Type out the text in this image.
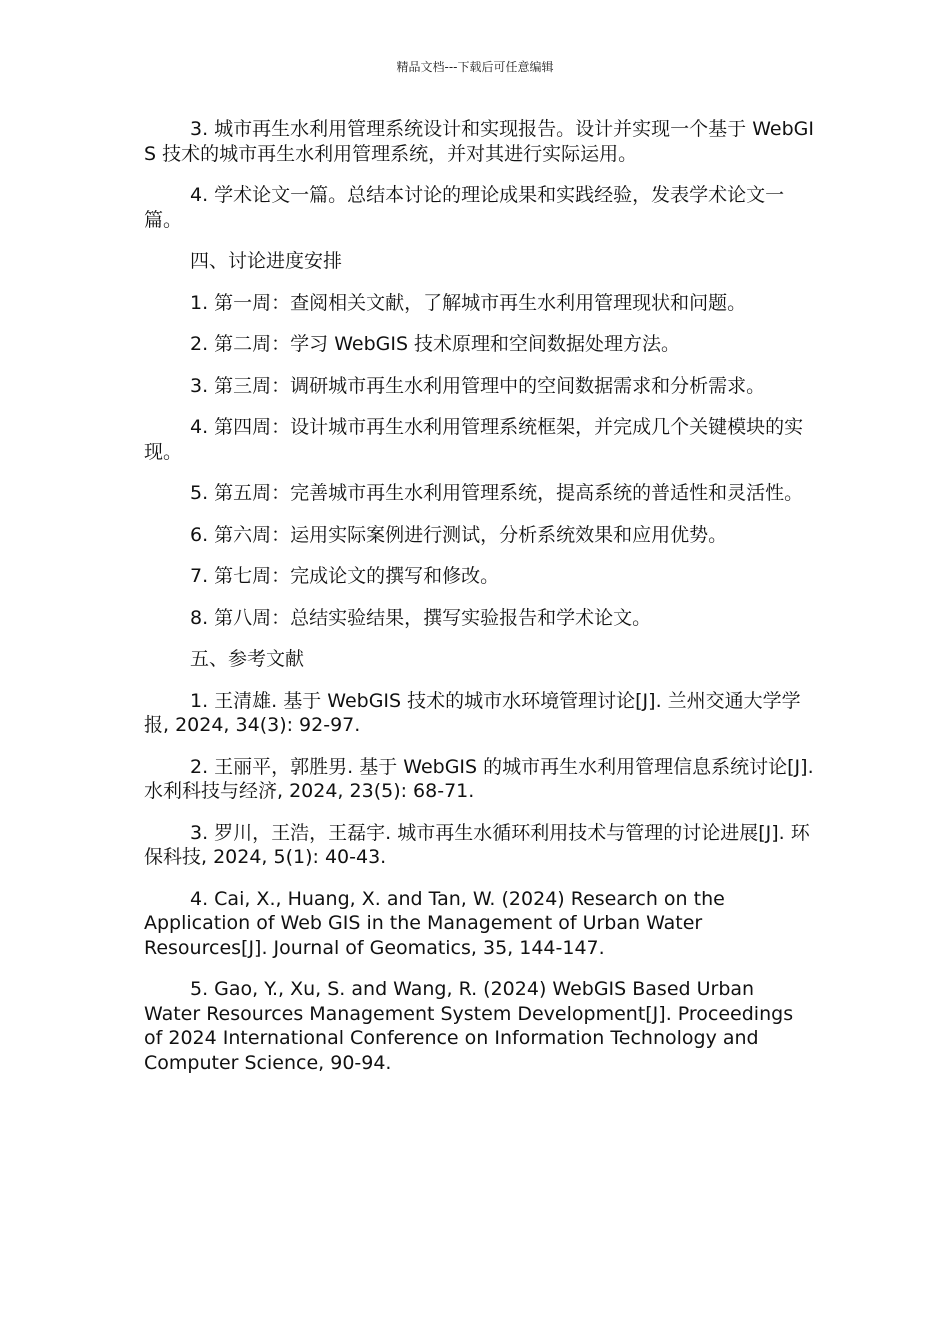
精品文档---下载后可任意编辑

3. 城市再生水利用管理系统设计和实现报告。设计并实现一个基于 WebGIS 技术的城市再生水利用管理系统，并对其进行实际运用。

4. 学术论文一篇。总结本讨论的理论成果和实践经验，发表学术论文一篇。

四、讨论进度安排

1. 第一周：查阅相关文献，了解城市再生水利用管理现状和问题。

2. 第二周：学习 WebGIS 技术原理和空间数据处理方法。

3. 第三周：调研城市再生水利用管理中的空间数据需求和分析需求。

4. 第四周：设计城市再生水利用管理系统框架，并完成几个关键模块的实现。

5. 第五周：完善城市再生水利用管理系统，提高系统的普适性和灵活性。

6. 第六周：运用实际案例进行测试，分析系统效果和应用优势。

7. 第七周：完成论文的撰写和修改。

8. 第八周：总结实验结果，撰写实验报告和学术论文。

五、参考文献

1. 王清雄. 基于 WebGIS 技术的城市水环境管理讨论[J]. 兰州交通大学学报, 2024, 34(3): 92-97.

2. 王丽平，郭胜男. 基于 WebGIS 的城市再生水利用管理信息系统讨论[J]. 水利科技与经济, 2024, 23(5): 68-71.

3. 罗川，王浩，王磊宇. 城市再生水循环利用技术与管理的讨论进展[J]. 环保科技, 2024, 5(1): 40-43.

4. Cai, X., Huang, X. and Tan, W. (2024) Research on the Application of Web GIS in the Management of Urban Water Resources[J]. Journal of Geomatics, 35, 144-147.

5. Gao, Y., Xu, S. and Wang, R. (2024) WebGIS Based Urban Water Resources Management System Development[J]. Proceedings of 2024 International Conference on Information Technology and Computer Science, 90-94.
